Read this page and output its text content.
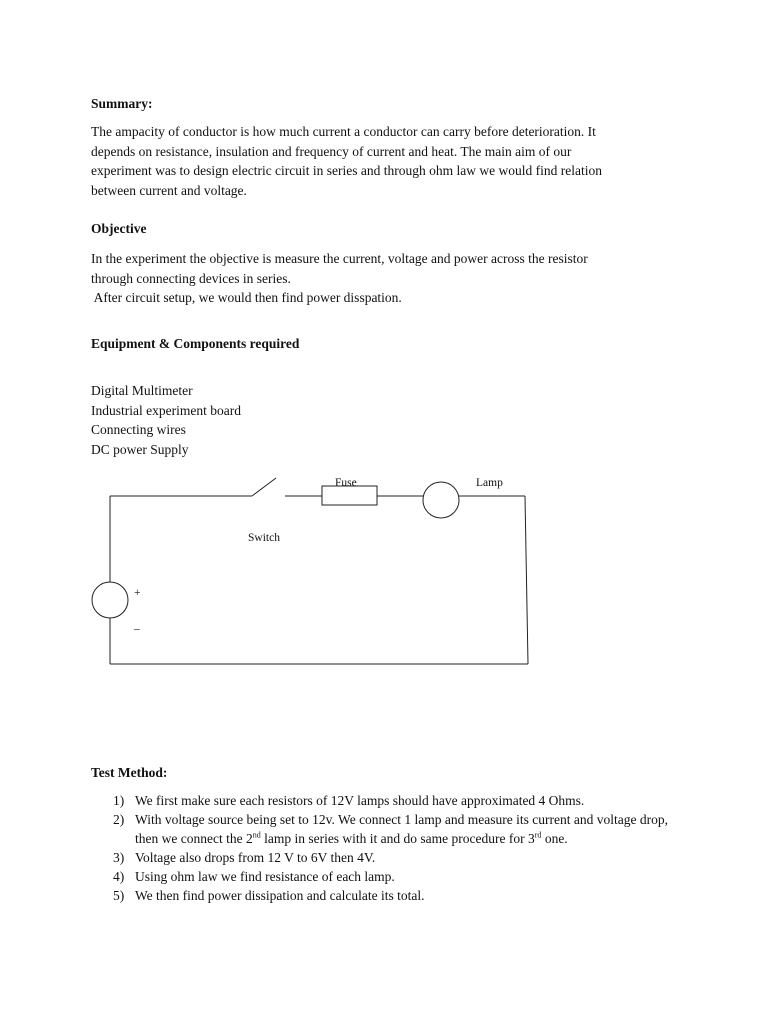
Summary:

The ampacity of conductor is how much current a conductor can carry before deterioration. It

depends on resistance, insulation and frequency of current and heat. The main aim of our

experiment was to design electric circuit in series and through ohm law we would find relation

between current and voltage.

Objective

In the experiment the objective is measure the current, voltage and power across the resistor

through connecting devices in series.

After circuit setup, we would then find power disspation.

Equipment & Components required
Digital Multimeter
Industrial experiment board
Connecting wires
DC power Supply
Fuse	Lamp
Switch
+
_
Test Method:
1) We first make sure each resistors of 12V lamps should have approximated 4 Ohms.
2) With voltage source being set to 12v. We connect 1 lamp and measure its current and voltage drop, then we connect the 2nd lamp in series with it and do same procedure for 3rd one.
3) Voltage also drops from 12 V to 6V then 4V.
4) Using ohm law we find resistance of each lamp.
5) We then find power dissipation and calculate its total.
